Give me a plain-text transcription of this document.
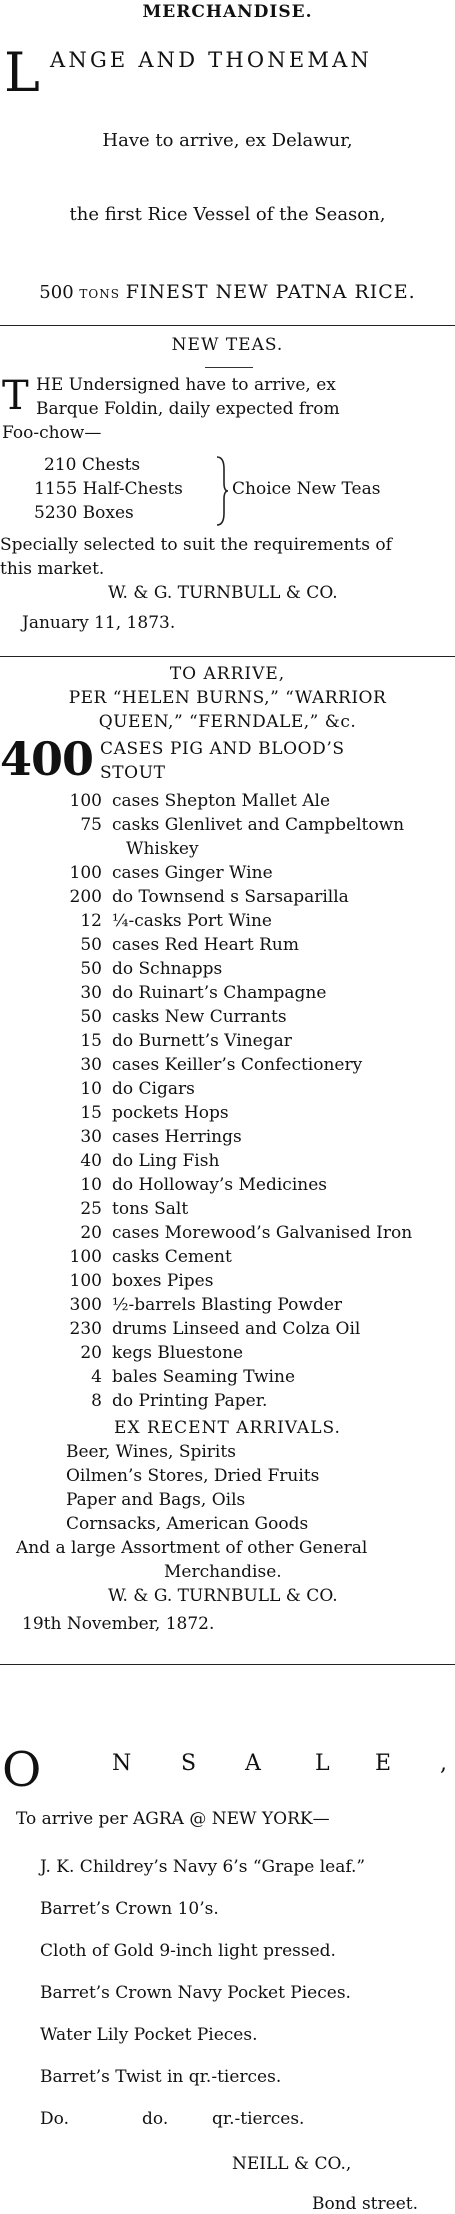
MERCHANDISE.
L ANGE AND THONEMAN
Have to arrive, ex Delawur,
the first Rice Vessel of the Season,
500 TONS FINEST NEW PATNA RICE.
NEW TEAS.
T HE Undersigned have to arrive, ex
Barque Foldin, daily expected from
Foo-chow—
210 Chests
1155 Half-Chests
5230 Boxes
Choice New Teas
Specially selected to suit the requirements of
this market.
W. & G. TURNBULL & CO.
January 11, 1873.
TO ARRIVE,
PER “HELEN BURNS,” “WARRIOR
QUEEN,” “FERNDALE,” &c.
400 CASES PIG AND BLOOD’S
STOUT
100 cases Shepton Mallet Ale
75 casks Glenlivet and Campbeltown
Whiskey
100 cases Ginger Wine
200 do Townsend s Sarsaparilla
12 ¼-casks Port Wine
50 cases Red Heart Rum
50 do Schnapps
30 do Ruinart’s Champagne
50 casks New Currants
15 do Burnett’s Vinegar
30 cases Keiller’s Confectionery
10 do Cigars
15 pockets Hops
30 cases Herrings
40 do Ling Fish
10 do Holloway’s Medicines
25 tons Salt
20 cases Morewood’s Galvanised Iron
100 casks Cement
100 boxes Pipes
300 ½-barrels Blasting Powder
230 drums Linseed and Colza Oil
20 kegs Bluestone
4 bales Seaming Twine
8 do Printing Paper.
EX RECENT ARRIVALS.
Beer, Wines, Spirits
Oilmen’s Stores, Dried Fruits
Paper and Bags, Oils
Cornsacks, American Goods
And a large Assortment of other General
Merchandise.
W. & G. TURNBULL & CO.
19th November, 1872.
O	N S A L E ,
To arrive per AGRA @ NEW YORK—
J. K. Childrey’s Navy 6’s “Grape leaf.”
Barret’s Crown 10’s.
Cloth of Gold 9-inch light pressed.
Barret’s Crown Navy Pocket Pieces.
Water Lily Pocket Pieces.
Barret’s Twist in qr.-tierces.
Do.	do.	qr.-tierces.
NEILL & CO.,
Bond street.
